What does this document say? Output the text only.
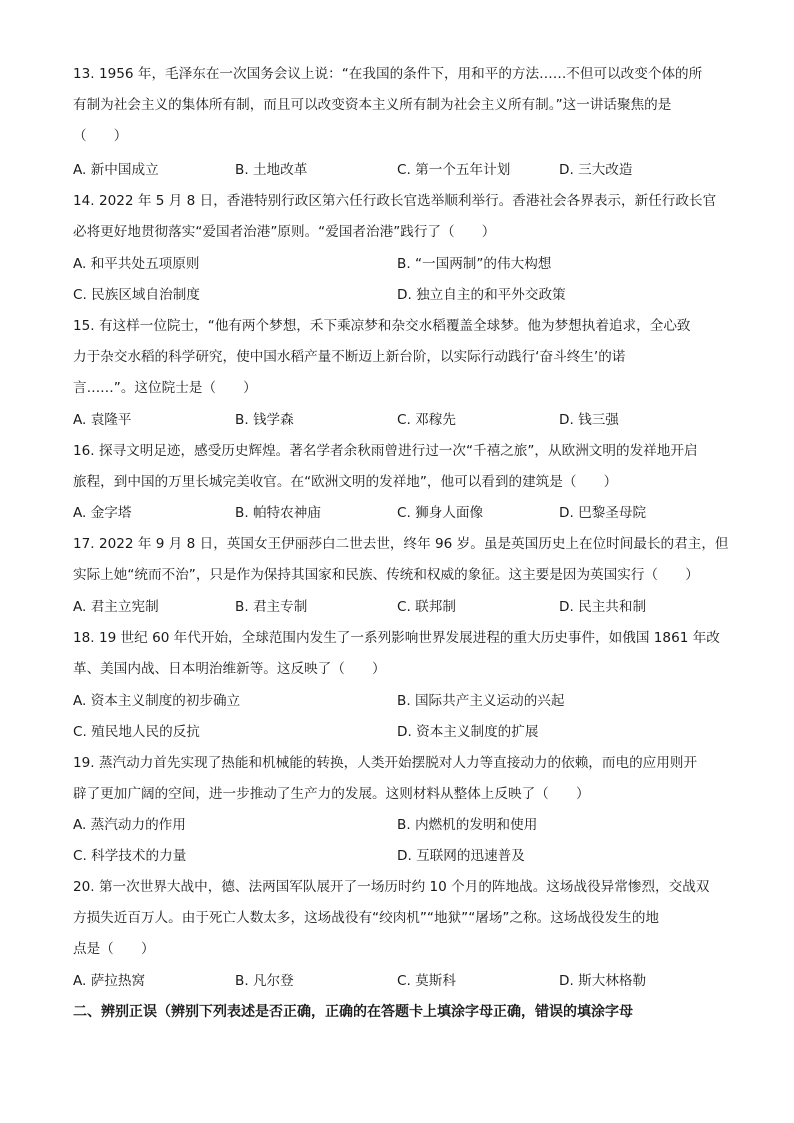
13. 1956 年，毛泽东在一次国务会议上说：“在我国的条件下，用和平的方法……不但可以改变个体的所
有制为社会主义的集体所有制，而且可以改变资本主义所有制为社会主义所有制。”这一讲话聚焦的是
（　　）
A. 新中国成立	B. 土地改革	C. 第一个五年计划	D. 三大改造
14. 2022 年 5 月 8 日，香港特别行政区第六任行政长官选举顺利举行。香港社会各界表示，新任行政长官
必将更好地贯彻落实“爱国者治港”原则。“爱国者治港”践行了（　　）
A. 和平共处五项原则	B. “一国两制”的伟大构想
C. 民族区域自治制度	D. 独立自主的和平外交政策
15. 有这样一位院士，“他有两个梦想，禾下乘凉梦和杂交水稻覆盖全球梦。他为梦想执着追求，全心致
力于杂交水稻的科学研究，使中国水稻产量不断迈上新台阶，以实际行动践行‘奋斗终生’的诺
言……”。这位院士是（　　）
A. 袁隆平	B. 钱学森	C. 邓稼先	D. 钱三强
16. 探寻文明足迹，感受历史辉煌。著名学者余秋雨曾进行过一次“千禧之旅”，从欧洲文明的发祥地开启
旅程，到中国的万里长城完美收官。在“欧洲文明的发祥地”，他可以看到的建筑是（　　）
A. 金字塔	B. 帕特农神庙	C. 狮身人面像	D. 巴黎圣母院
17. 2022 年 9 月 8 日，英国女王伊丽莎白二世去世，终年 96 岁。虽是英国历史上在位时间最长的君主，但
实际上她“统而不治”，只是作为保持其国家和民族、传统和权威的象征。这主要是因为英国实行（　　）
A. 君主立宪制	B. 君主专制	C. 联邦制	D. 民主共和制
18. 19 世纪 60 年代开始，全球范围内发生了一系列影响世界发展进程的重大历史事件，如俄国 1861 年改
革、美国内战、日本明治维新等。这反映了（　　）
A. 资本主义制度的初步确立	B. 国际共产主义运动的兴起
C. 殖民地人民的反抗	D. 资本主义制度的扩展
19. 蒸汽动力首先实现了热能和机械能的转换，人类开始摆脱对人力等直接动力的依赖，而电的应用则开
辟了更加广阔的空间，进一步推动了生产力的发展。这则材料从整体上反映了（　　）
A. 蒸汽动力的作用	B. 内燃机的发明和使用
C. 科学技术的力量	D. 互联网的迅速普及
20. 第一次世界大战中，德、法两国军队展开了一场历时约 10 个月的阵地战。这场战役异常惨烈，交战双
方损失近百万人。由于死亡人数太多，这场战役有“绞肉机”“地狱”“屠场”之称。这场战役发生的地
点是（　　）
A. 萨拉热窝	B. 凡尔登	C. 莫斯科	D. 斯大林格勒
二、辨别正误（辨别下列表述是否正确，正确的在答题卡上填涂字母正确，错误的填涂字母
